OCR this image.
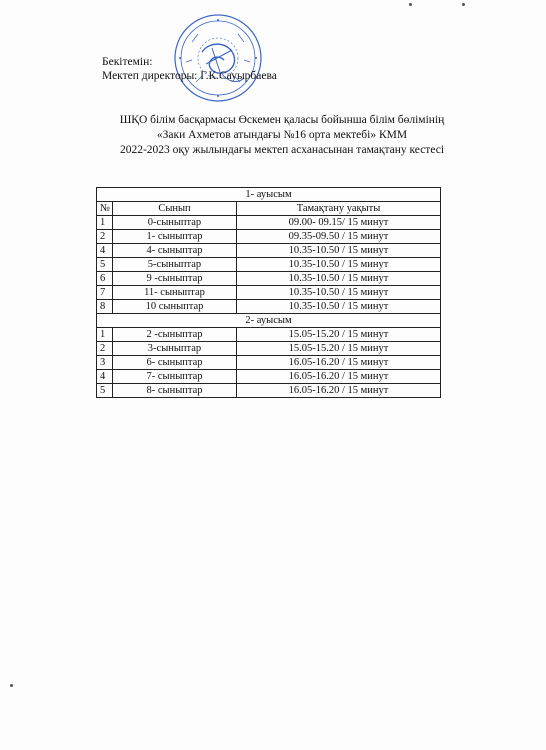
Бекітемін:
Мектеп директоры: Г.К.Сауырбаева
ШҚО білім басқармасы Өскемен қаласы бойынша білім бөлімінің
«Заки Ахметов атындағы №16 орта мектебі» КММ
2022-2023 оқу жылындағы мектеп асханасынан тамақтану кестесі
1- ауысым		
№	Сынып	Тамақтану уақыты
1	0-сыныптар	09.00- 09.15/ 15 минут
2	1- сыныптар	09.35-09.50 / 15 минут
4	4- сыныптар	10.35-10.50 / 15 минут
5	5-сыныптар	10.35-10.50 / 15 минут
6	9 -сыныптар	10.35-10.50 / 15 минут
7	11- сыныптар	10.35-10.50 / 15 минут
8	10 сыныптар	10.35-10.50 / 15 минут
2- ауысым		
1	2 -сыныптар	15.05-15.20 / 15 минут
2	3-сыныптар	15.05-15.20 / 15 минут
3	6- сыныптар	16.05-16.20 / 15 минут
4	7- сыныптар	16.05-16.20 / 15 минут
5	8- сыныптар	16.05-16.20 / 15 минут
